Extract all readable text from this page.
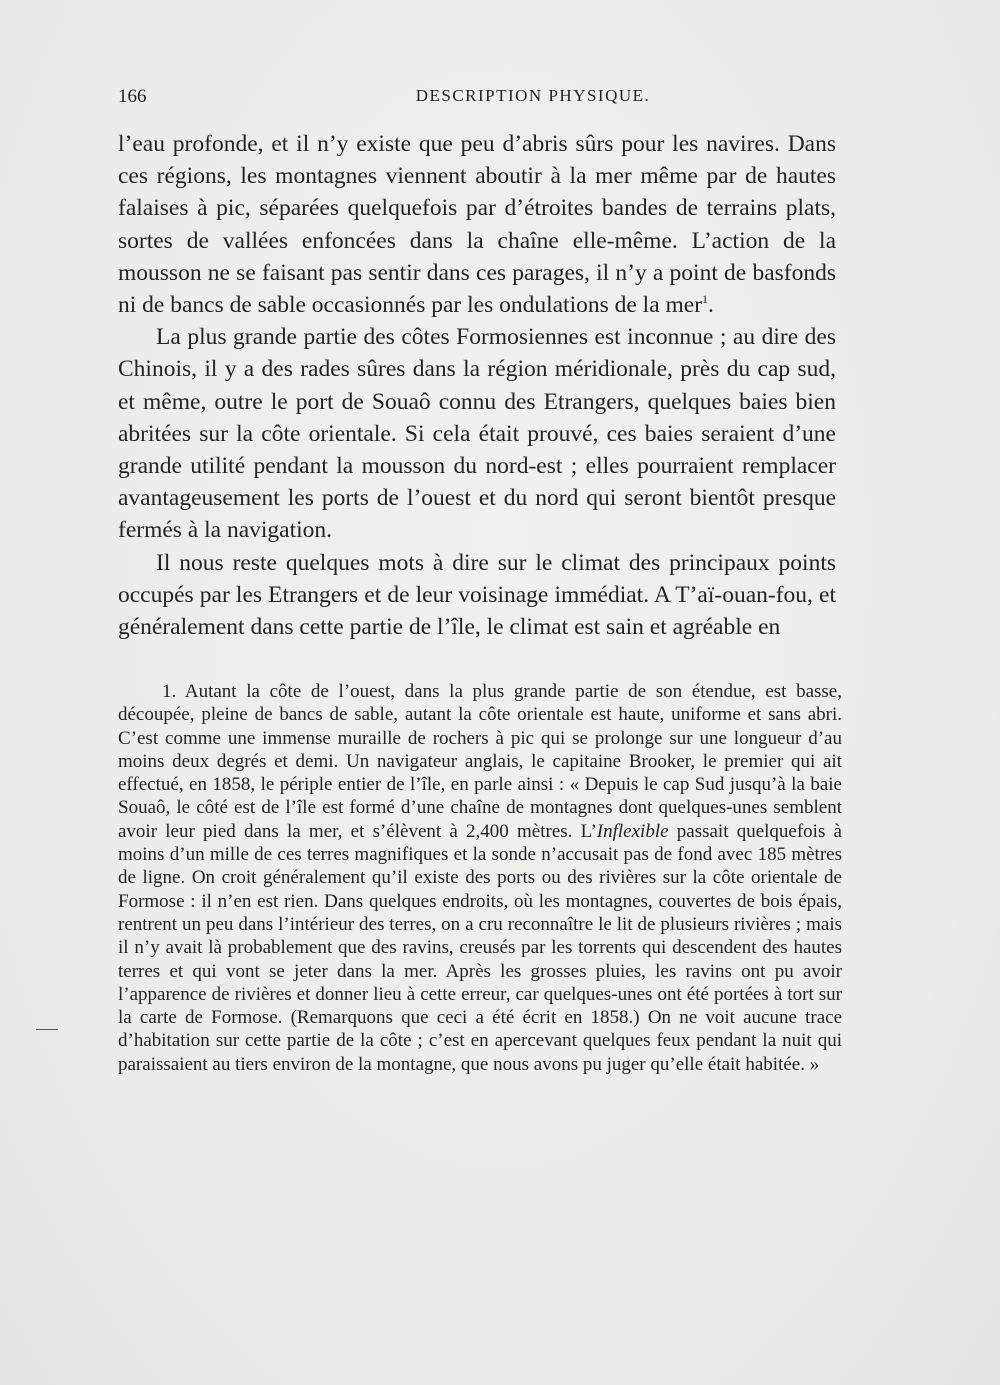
166	DESCRIPTION PHYSIQUE.

l’eau profonde, et il n’y existe que peu d’abris sûrs pour les navires. Dans ces régions, les montagnes viennent aboutir à la mer même par de hautes falaises à pic, séparées quelquefois par d’étroites bandes de terrains plats, sortes de vallées enfoncées dans la chaîne elle-même. L’action de la mousson ne se faisant pas sentir dans ces parages, il n’y a point de basfonds ni de bancs de sable occasionnés par les ondulations de la mer$^1$.

La plus grande partie des côtes Formosiennes est inconnue ; au dire des Chinois, il y a des rades sûres dans la région méridionale, près du cap sud, et même, outre le port de Souaô connu des Etrangers, quelques baies bien abritées sur la côte orientale. Si cela était prouvé, ces baies seraient d’une grande utilité pendant la mousson du nord-est ; elles pourraient remplacer avantageusement les ports de l’ouest et du nord qui seront bientôt presque fermés à la navigation.

Il nous reste quelques mots à dire sur le climat des principaux points occupés par les Etrangers et de leur voisinage immédiat. A T’aï-ouan-fou, et généralement dans cette partie de l’île, le climat est sain et agréable en

1. Autant la côte de l’ouest, dans la plus grande partie de son étendue, est basse, découpée, pleine de bancs de sable, autant la côte orientale est haute, uniforme et sans abri. C’est comme une immense muraille de rochers à pic qui se prolonge sur une longueur d’au moins deux degrés et demi. Un navigateur anglais, le capitaine Brooker, le premier qui ait effectué, en 1858, le périple entier de l’île, en parle ainsi : « Depuis le cap Sud jusqu’à la baie Souaô, le côté est de l’île est formé d’une chaîne de montagnes dont quelques-unes semblent avoir leur pied dans la mer, et s’élèvent à 2,400 mètres. L’Inflexible passait quelquefois à moins d’un mille de ces terres magnifiques et la sonde n’accusait pas de fond avec 185 mètres de ligne. On croit généralement qu’il existe des ports ou des rivières sur la côte orientale de Formose : il n’en est rien. Dans quelques endroits, où les montagnes, couvertes de bois épais, rentrent un peu dans l’intérieur des terres, on a cru reconnaître le lit de plusieurs rivières ; mais il n’y avait là probablement que des ravins, creusés par les torrents qui descendent des hautes terres et qui vont se jeter dans la mer. Après les grosses pluies, les ravins ont pu avoir l’apparence de rivières et donner lieu à cette erreur, car quelques-unes ont été portées à tort sur la carte de Formose. (Remarquons que ceci a été écrit en 1858.) On ne voit aucune trace d’habitation sur cette partie de la côte ; c’est en apercevant quelques feux pendant la nuit qui paraissaient au tiers environ de la montagne, que nous avons pu juger qu’elle était habitée. »
